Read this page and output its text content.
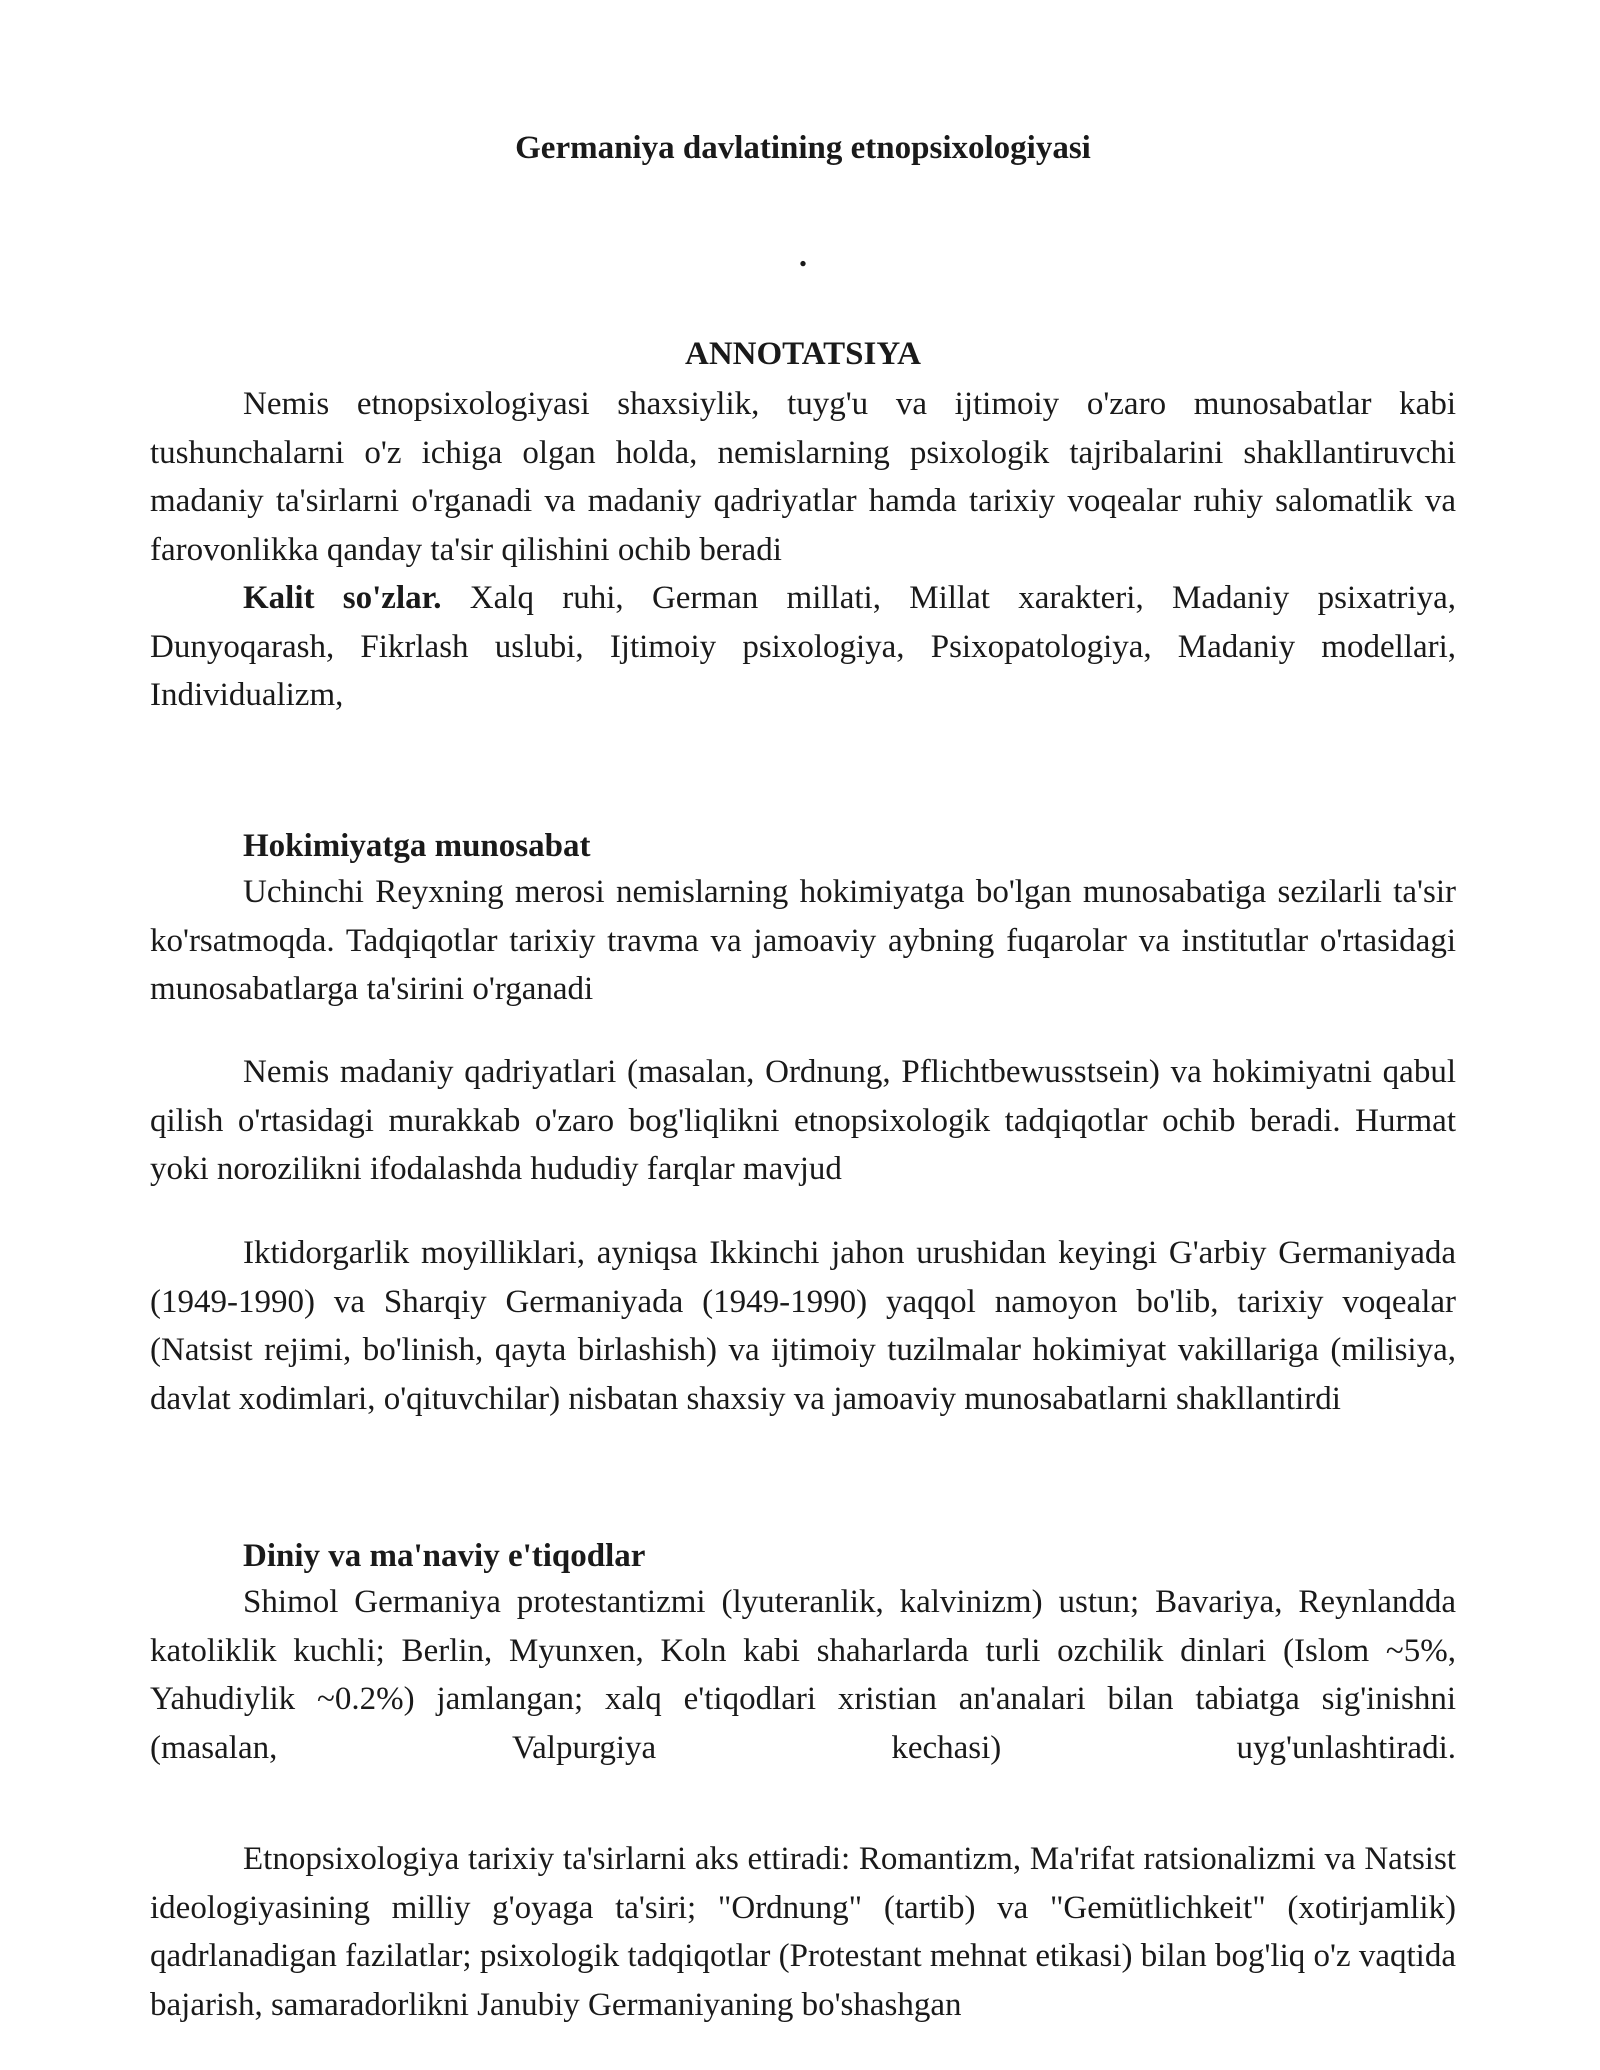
Germaniya davlatining etnopsixologiyasi
.
ANNOTATSIYA

Nemis etnopsixologiyasi shaxsiylik, tuyg'u va ijtimoiy o'zaro munosabatlar kabi tushunchalarni o'z ichiga olgan holda, nemislarning psixologik tajribalarini shakllantiruvchi madaniy ta'sirlarni o'rganadi va madaniy qadriyatlar hamda tarixiy voqealar ruhiy salomatlik va farovonlikka qanday ta'sir qilishini ochib beradi

Kalit so'zlar. Xalq ruhi, German millati, Millat xarakteri, Madaniy psixatriya, Dunyoqarash, Fikrlash uslubi, Ijtimoiy psixologiya, Psixopatologiya, Madaniy modellari, Individualizm,

Hokimiyatga munosabat

Uchinchi Reyxning merosi nemislarning hokimiyatga bo'lgan munosabatiga sezilarli ta'sir ko'rsatmoqda. Tadqiqotlar tarixiy travma va jamoaviy aybning fuqarolar va institutlar o'rtasidagi munosabatlarga ta'sirini o'rganadi

Nemis madaniy qadriyatlari (masalan, Ordnung, Pflichtbewusstsein) va hokimiyatni qabul qilish o'rtasidagi murakkab o'zaro bog'liqlikni etnopsixologik tadqiqotlar ochib beradi. Hurmat yoki norozilikni ifodalashda hududiy farqlar mavjud

Iktidorgarlik moyilliklari, ayniqsa Ikkinchi jahon urushidan keyingi G'arbiy Germaniyada (1949-1990) va Sharqiy Germaniyada (1949-1990) yaqqol namoyon bo'lib, tarixiy voqealar (Natsist rejimi, bo'linish, qayta birlashish) va ijtimoiy tuzilmalar hokimiyat vakillariga (milisiya, davlat xodimlari, o'qituvchilar) nisbatan shaxsiy va jamoaviy munosabatlarni shakllantirdi

Diniy va ma'naviy e'tiqodlar

Shimol Germaniya protestantizmi (lyuteranlik, kalvinizm) ustun; Bavariya, Reynlandda katoliklik kuchli; Berlin, Myunxen, Koln kabi shaharlarda turli ozchilik dinlari (Islom ~5%, Yahudiylik ~0.2%) jamlangan; xalq e'tiqodlari xristian an'analari bilan tabiatga sig'inishni (masalan, Valpurgiya kechasi) uyg'unlashtiradi.

Etnopsixologiya tarixiy ta'sirlarni aks ettiradi: Romantizm, Ma'rifat ratsionalizmi va Natsist ideologiyasining milliy g'oyaga ta'siri; "Ordnung" (tartib) va "Gemütlichkeit" (xotirjamlik) qadrlanadigan fazilatlar; psixologik tadqiqotlar (Protestant mehnat etikasi) bilan bog'liq o'z vaqtida bajarish, samaradorlikni Janubiy Germaniyaning bo'shashgan
